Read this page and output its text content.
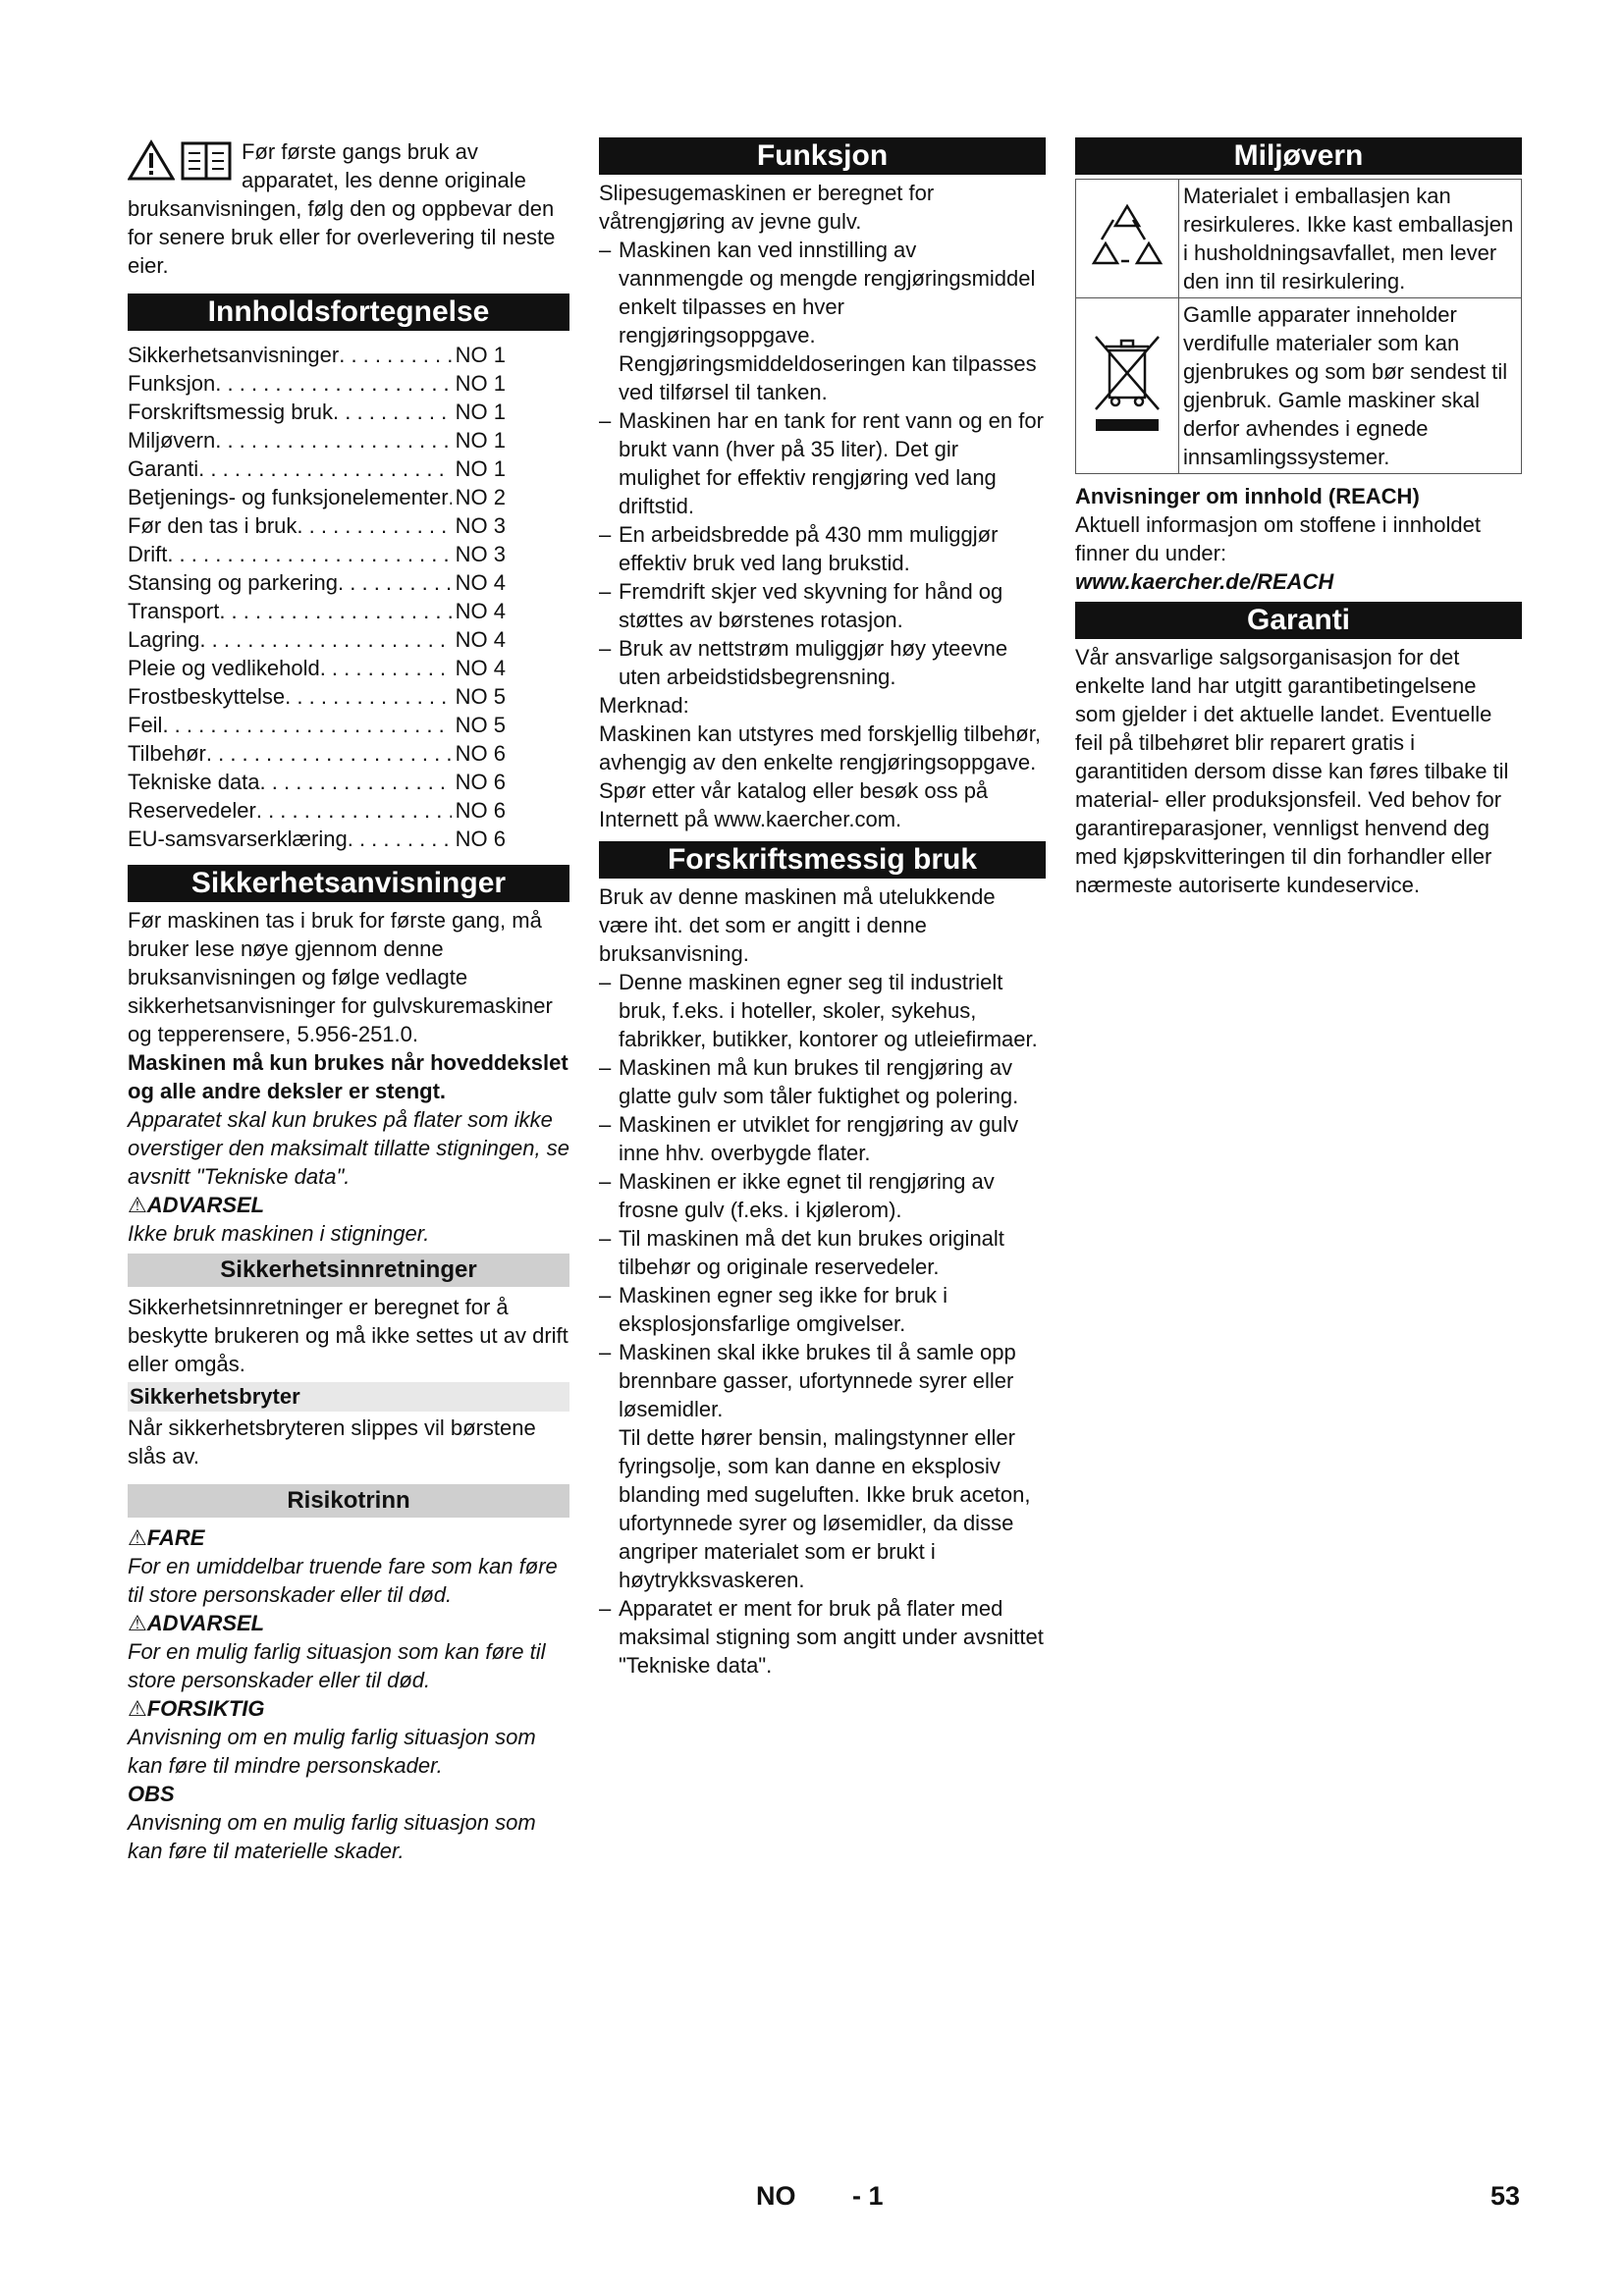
Før første gangs bruk av apparatet, les denne originale bruksanvisningen, følg den og oppbevar den for senere bruk eller for overlevering til neste eier.

Innholdsfortegnelse
Sikkerhetsanvisninger . . .	NO 1
Funksjon . . .	NO 1
Forskriftsmessig bruk . . .	NO 1
Miljøvern . . .	NO 1
Garanti . . .	NO 1
Betjenings- og funksjonelementer . . . NO 2
Før den tas i bruk . . .	NO 3
Drift . . .	NO 3
Stansing og parkering . . .	NO 4
Transport . . .	NO 4
Lagring . . .	NO 4
Pleie og vedlikehold . . .	NO 4
Frostbeskyttelse . . .	NO 5
Feil . . .	NO 5
Tilbehør . . .	NO 6
Tekniske data . . .	NO 6
Reservedeler . . .	NO 6
EU-samsvarserklæring . . .	NO 6
Sikkerhetsanvisninger

Før maskinen tas i bruk for første gang, må bruker lese nøye gjennom denne bruksanvisningen og følge vedlagte sikkerhetsanvisninger for gulvskuremaskiner og tepperensere, 5.956-251.0.

Maskinen må kun brukes når hoveddekslet og alle andre deksler er stengt.

Apparatet skal kun brukes på flater som ikke overstiger den maksimalt tillatte stigningen, se avsnitt "Tekniske data".

⚠ADVARSEL

Ikke bruk maskinen i stigninger.

Sikkerhetsinnretninger

Sikkerhetsinnretninger er beregnet for å beskytte brukeren og må ikke settes ut av drift eller omgås.

Sikkerhetsbryter

Når sikkerhetsbryteren slippes vil børstene slås av.

Risikotrinn

⚠FARE

For en umiddelbar truende fare som kan føre til store personskader eller til død.

⚠ADVARSEL

For en mulig farlig situasjon som kan føre til store personskader eller til død.

⚠FORSIKTIG

Anvisning om en mulig farlig situasjon som kan føre til mindre personskader.

OBS

Anvisning om en mulig farlig situasjon som kan føre til materielle skader.

Funksjon

Slipesugemaskinen er beregnet for våtrengjøring av jevne gulv.

– Maskinen kan ved innstilling av vannmengde og mengde rengjøringsmiddel enkelt tilpasses en hver rengjøringsoppgave.
Rengjøringsmiddeldoseringen kan tilpasses ved tilførsel til tanken.
– Maskinen har en tank for rent vann og en for brukt vann (hver på 35 liter). Det gir mulighet for effektiv rengjøring ved lang driftstid.
– En arbeidsbredde på 430 mm muliggjør effektiv bruk ved lang brukstid.
– Fremdrift skjer ved skyvning for hånd og støttes av børstenes rotasjon.
– Bruk av nettstrøm muliggjør høy yteevne uten arbeidstidsbegrensning.

Merknad:

Maskinen kan utstyres med forskjellig tilbehør, avhengig av den enkelte rengjøringsoppgave.

Spør etter vår katalog eller besøk oss på Internett på www.kaercher.com.

Forskriftsmessig bruk

Bruk av denne maskinen må utelukkende være iht. det som er angitt i denne bruksanvisning.

– Denne maskinen egner seg til industrielt bruk, f.eks. i hoteller, skoler, sykehus, fabrikker, butikker, kontorer og utleiefirmaer.
– Maskinen må kun brukes til rengjøring av glatte gulv som tåler fuktighet og polering.
– Maskinen er utviklet for rengjøring av gulv inne hhv. overbygde flater.
– Maskinen er ikke egnet til rengjøring av frosne gulv (f.eks. i kjølerom).
– Til maskinen må det kun brukes originalt tilbehør og originale reservedeler.
– Maskinen egner seg ikke for bruk i eksplosjonsfarlige omgivelser.
– Maskinen skal ikke brukes til å samle opp brennbare gasser, ufortynnede syrer eller løsemidler.
Til dette hører bensin, malingstynner eller fyringsolje, som kan danne en eksplosiv blanding med sugeluften. Ikke bruk aceton, ufortynnede syrer og løsemidler, da disse angriper materialet som er brukt i høytrykksvaskeren.
– Apparatet er ment for bruk på flater med maksimal stigning som angitt under avsnittet "Tekniske data".
Miljøvern
	Materialet i emballasjen kan resirkuleres. Ikke kast emballasjen i husholdningsavfallet, men lever den inn til resirkulering.
	Gamlle apparater inneholder verdifulle materialer som kan gjenbrukes og som bør sendest til gjenbruk. Gamle maskiner skal derfor avhendes i egnede innsamlingssystemer.

Anvisninger om innhold (REACH)

Aktuell informasjon om stoffene i innholdet finner du under:

www.kaercher.de/REACH

Garanti

Vår ansvarlige salgsorganisasjon for det enkelte land har utgitt garantibetingelsene som gjelder i det aktuelle landet. Eventuelle feil på tilbehøret blir reparert gratis i garantitiden dersom disse kan føres tilbake til material- eller produksjonsfeil. Ved behov for garantireparasjoner, vennligst henvend deg med kjøpskvitteringen til din forhandler eller nærmeste autoriserte kundeservice.

NO - 1	53
